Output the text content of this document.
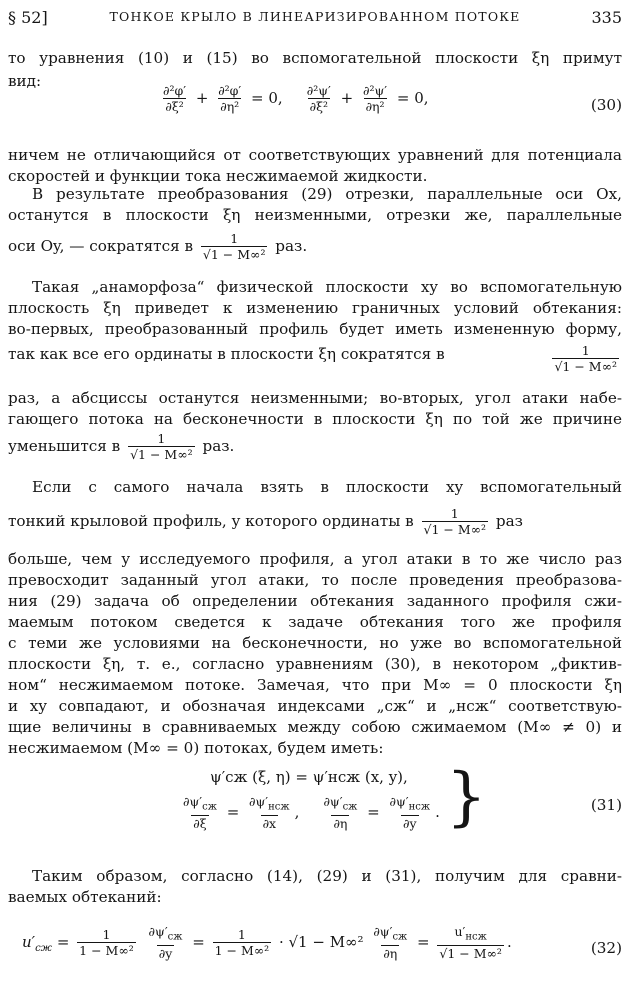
§ 52]	ТОНКОЕ КРЫЛО В ЛИНЕАРИЗИРОВАННОМ ПОТОКЕ	335
то уравнения (10) и (15) во вспомогательной плоскости ξη примут
вид:
$\frac{\text{∂²φ′}}{\text{∂ξ²}} + \frac{\text{∂²φ′}}{\text{∂η²}} = 0$, $\frac{\text{∂²ψ′}}{\text{∂ξ²}} + \frac{\text{∂²ψ′}}{\text{∂η²}} = 0$,	(30)
ничем не отличающийся от соответствующих уравнений для потенциала
скоростей и функции тока несжимаемой жидкости.
В результате преобразования (29) отрезки, параллельные оси Ox,
останутся в плоскости ξη неизменными, отрезки же, параллельные
оси Oy, — сократятся в $\frac{1}{\text{√1 − M∞²}}$ раз.
Такая „анаморфоза“ физической плоскости xy во вспомогательную
плоскость ξη приведет к изменению граничных условий обтекания:
во-первых, преобразованный профиль будет иметь измененную форму,
так как все его ординаты в плоскости ξη сократятся в	$\frac{1}{\text{√1 − M∞²}}$
раз, а абсциссы останутся неизменными; во-вторых, угол атаки набе-
гающего потока на бесконечности в плоскости ξη по той же причине
уменьшится в $\frac{1}{\text{√1 − M∞²}}$ раз.
Если с самого начала взять в плоскости xy вспомогательный
тонкий крыловой профиль, у которого ординаты в $\frac{1}{\text{√1 − M∞²}}$ раз
больше, чем у исследуемого профиля, а угол атаки в то же число раз
превосходит заданный угол атаки, то после проведения преобразова-
ния (29) задача об определении обтекания заданного профиля сжи-
маемым потоком сведется к задаче обтекания того же профиля
с теми же условиями на бесконечности, но уже во вспомогательной
плоскости ξη, т. е., согласно уравнениям (30), в некотором „фиктив-
ном“ несжимаемом потоке. Замечая, что при M∞ = 0 плоскости ξη
и xy совпадают, и обозначая индексами „сж“ и „нсж“ соответствую-
щие величины в сравниваемых между собою сжимаемом (M∞ ≠ 0) и
несжимаемом (M∞ = 0) потоках, будем иметь:
ψ′сж (ξ, η) = ψ′нсж (x, y),
$\frac{\partial\psi'_{сж}}{\partial\xi} = \frac{\partial\psi'_{нсж}}{\partial x}$ , $\frac{\partial\psi'_{сж}}{\partial\eta} = \frac{\partial\psi'_{нсж}}{\partial y}$ . }	(31)
Таким образом, согласно (14), (29) и (31), получим для сравни-
ваемых обтеканий:
$u'_{сж} = \frac{1}{\text{1 − M∞²}}$
$\frac{\partial\psi'_{сж}}{\partial y} = \frac{1}{\text{1 − M∞²}} \cdot √1 - M\infty^2 \frac{\partial\psi'_{сж}}{\partial\eta} = \frac{u'_{нсж}}{\text{√1 − M∞²}}$ .	(32)
